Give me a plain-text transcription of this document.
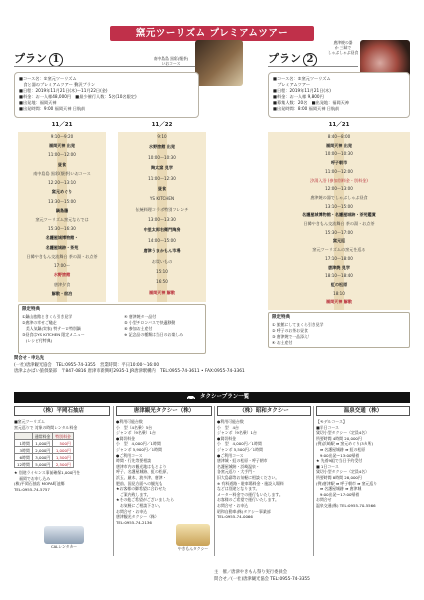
窯元ツーリズム プレミアムツアー
プラン 1	南中島島 黒彩(懐茶)
いおコース
■コース名：①窯元ツーリズム
　食と器のプレミアムツアー 贅沢プラン
■日程：2019年11月21日(木)～11月22日(金)
■料金：お一人様48,000円　■最少催行人数：5名(10名限定)
■出発地：福岡天神
■出発時間：9:00 福岡天神 日航前
プラン 2
唐津焼の器
か 三昧で
しゃぶしゃぶ昼食
■コース名：②窯元ツーリズム
　プレミアムツアー
■日程：2019年11月21日(木)
■料金：お一人様 9,800円
■募集人数：20名　■出発地：福岡天神
■出発時間：8:00 福岡天神 日航前
11／21
9:10～9:20
福岡天神 出発
11:00～12:00
昼食
南中島島 黒彩(懐茶)いおコース
12:20～13:10
窯元めぐり
13:30～15:00
鍋島藩
窯元ツーリズム窯元ならでは
15:30～16:30
名護屋城博物館・
名護屋城跡・茶苑
日韓やきもん交流舞台 茶の湯・お点茶
17:00～
水野旅館
唐津夕食
解散・宿泊
11／22
9:10
水野旅館 出発
10:00～10:30
陶太窯 見学
11:00～12:30
昼食
YS KITCHEN
伝統料理コラボ特別フレンチ
13:00～13:30
中里太郎右衛門陶房
14:00～15:00
唐津うまかもん市場
お買いもの
15:10
16:50
福岡天神 解散
11／21
8:40～8:00
福岡天神 出発
10:00～10:30
呼子朝市
11:00～12:00
汐湯入浴 (参加別料金・別料金)
12:00～13:00
唐津焼の器でしゃぶしゃぶ昼食
13:10～15:00
名護屋城博物館・名護屋城跡・茶苑鑑賞
日韓やきもん交流舞台 茶の湯・お点茶
15:30～17:00
窯元巡
窯元ツーリズムの窯元を巡る
17:10～18:00
唐津焼 見学
18:10～18:40
虹の松原
18:10
福岡天神 解散
限定特典
①鍋山旅館ときくら引き見学
②唐津の幸せご馳走
　美人気鍋(実家) 特テーロ特別鍋
③昼食はYS KITCHEN 限定メニュー
　(レシピ付特典)
④ 唐津焼タ一品付
⑤ 小型チロンバスで快適移動
⑥ 参加お土産付
※ 記念品の種類は当日のお楽しみ
限定特典
① 旅館にしてまくら引き見学
② 呼子のお茶お昼食
③ 唐津焼で一品添え！
④ お土産付
問合せ・申込先
(一社)唐津観光協会　TEL:0955-74-3355　営業時間：平日10:00～16:00
唐津よかばい旅倶楽部　〒847-0816 唐津市新興町2935-1 JR唐津駅構内　TEL:0955-74-3611 • FAX:0955-74-3361
タクシープラン一覧
（株）平岡石抽店
■窯元ツーリズム
窯元巡りで 対象の時間レンタル料金
	通常料金	特別料金
1時間	1,000円	500円
3時間	2,000円	1,000円
6時間	3,000円	1,500円
12時間	5,000円	2,500円
★ 別途ライセンス事前確保1,000円を
　 福岡でお申し込み
(株)平岡石抽店 MOPA町池郷
TEL:0955-74-5757
CALレンタカー
唐津観光タクシー（株）
●利用可能台数
小　型（4名乗）5台
ジャンボ（9名乗）1台
●貸切料金
小　型　4,000円／1時間
ジャンボ 5,900円／1時間
●ご利用コース
時間・行先等要相談
唐津市内の観光地はもとより
呼子、名護屋城跡、虹の松原、
浜玉、厳木、波多津、唐津・
肥前、国見方面への観光も
★お客様の御希望に合わせた
　ご案内致します。
★その他ご希望がございましたら
　お気軽にご相談下さい。
お問合せ・お申込
唐津観光タクシー（株）
TEL:0955-74-2136
やきもんタクシー
（株）昭和タクシー
●利用可能台数
小　型　4台
ジャンボ（9名乗）1台
●貸切料金
小　型　4,000円／1時間
ジャンボ 5,500円／1時間
●ご利用コース
唐津城・虹の松原・呼子朝市
名護屋城跡・浜崎温泉・
各窯元巡り・大手門・
旧大島邸等お気軽に相談ください。
※ 有料道路・駐車場料金・施設入場料
などは別途となります。
メーター料金での運行もいたします。
お客様のご希望で運行いたします。
お問合せ・お申込
昭和自動車(株)タクシー事業部
TEL:0955-74-0066
温泉交通（株）
【モデルコース】
■半日コース
貸切小型タクシー（定員4名）
所要時間 4時間 20,000円
(例)浜崎駅 ➡ 窯元めぐり(3カ所)
　➡ 名護屋城跡 ➡ 虹の松原
　9:00出発～13:00帰着
★ 先着9組で当日予約受付
■ 1日コース
貸切小型タクシー（定員4名）
所要時間 8時間 28,000円
(例)唐津駅 ➡ 呼子朝市 ➡ 窯元巡り
　➡ 名護屋城跡 ➡ 唐津城
　9:00出発～17:00帰着
お問合せ
温泉交通(株) TEL:0955-70-5566
主　催／唐津やきもん祭り実行委員会
問合せ／(一社)唐津観光協会 TEL:0955-74-3355
